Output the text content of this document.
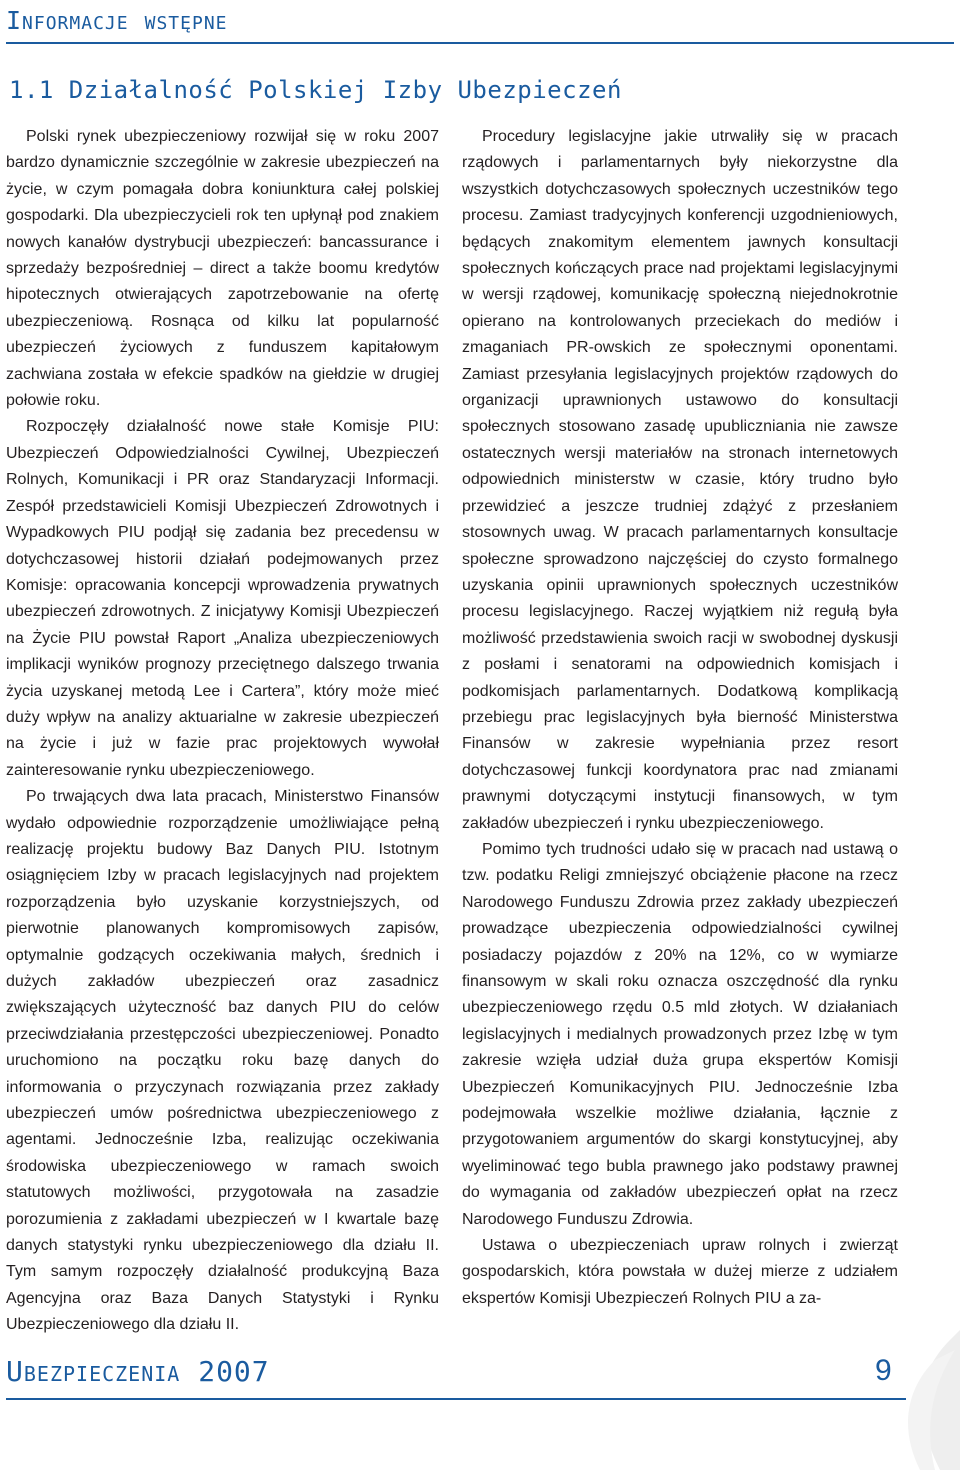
Informacje wstępne
1.1 Działalność Polskiej Izby Ubezpieczeń

Polski rynek ubezpieczeniowy rozwijał się w roku 2007 bardzo dynamicznie szczególnie w zakresie ubezpieczeń na życie, w czym pomagała dobra koniunktura całej polskiej gospodarki. Dla ubezpieczycieli rok ten upłynął pod znakiem nowych kanałów dystrybucji ubezpieczeń: bancassurance i sprzedaży bezpośredniej – direct a także boomu kredytów hipotecznych otwierających zapotrzebowanie na ofertę ubezpieczeniową. Rosnąca od kilku lat popularność ubezpieczeń życiowych z funduszem kapitałowym zachwiana została w efekcie spadków na giełdzie w drugiej połowie roku.

Rozpoczęły działalność nowe stałe Komisje PIU: Ubezpieczeń Odpowiedzialności Cywilnej, Ubezpieczeń Rolnych, Komunikacji i PR oraz Standaryzacji Informacji. Zespół przedstawicieli Komisji Ubezpieczeń Zdrowotnych i Wypadkowych PIU podjął się zadania bez precedensu w dotychczasowej historii działań podejmowanych przez Komisje: opracowania koncepcji wprowadzenia prywatnych ubezpieczeń zdrowotnych. Z inicjatywy Komisji Ubezpieczeń na Życie PIU powstał Raport „Analiza ubezpieczeniowych implikacji wyników prognozy przeciętnego dalszego trwania życia uzyskanej metodą Lee i Cartera”, który może mieć duży wpływ na analizy aktuarialne w zakresie ubezpieczeń na życie i już w fazie prac projektowych wywołał zainteresowanie rynku ubezpieczeniowego.

Po trwających dwa lata pracach, Ministerstwo Finansów wydało odpowiednie rozporządzenie umożliwiające pełną realizację projektu budowy Baz Danych PIU. Istotnym osiągnięciem Izby w pracach legislacyjnych nad projektem rozporządzenia było uzyskanie korzystniejszych, od pierwotnie planowanych kompromisowych zapisów, optymalnie godzących oczekiwania małych, średnich i dużych zakładów ubezpieczeń oraz zasadnicz zwiększających użyteczność baz danych PIU do celów przeciwdziałania przestępczości ubezpieczeniowej. Ponadto uruchomiono na początku roku bazę danych do informowania o przyczynach rozwiązania przez zakłady ubezpieczeń umów pośrednictwa ubezpieczeniowego z agentami. Jednocześnie Izba, realizując oczekiwania środowiska ubezpieczeniowego w ramach swoich statutowych możliwości, przygotowała na zasadzie porozumienia z zakładami ubezpieczeń w I kwartale bazę danych statystyki rynku ubezpieczeniowego dla działu II. Tym samym rozpoczęły działalność produkcyjną Baza Agencyjna oraz Baza Danych Statystyki i Rynku Ubezpieczeniowego dla działu II.

Procedury legislacyjne jakie utrwaliły się w pracach rządowych i parlamentarnych były niekorzystne dla wszystkich dotychczasowych społecznych uczestników tego procesu. Zamiast tradycyjnych konferencji uzgodnieniowych, będących znakomitym elementem jawnych konsultacji społecznych kończących prace nad projektami legislacyjnymi w wersji rządowej, komunikację społeczną niejednokrotnie opierano na kontrolowanych przeciekach do mediów i zmaganiach PR-owskich ze społecznymi oponentami. Zamiast przesyłania legislacyjnych projektów rządowych do organizacji uprawnionych ustawowo do konsultacji społecznych stosowano zasadę upubliczniania nie zawsze ostatecznych wersji materiałów na stronach internetowych odpowiednich ministerstw w czasie, który trudno było przewidzieć a jeszcze trudniej zdążyć z przesłaniem stosownych uwag. W pracach parlamentarnych konsultacje społeczne sprowadzono najczęściej do czysto formalnego uzyskania opinii uprawnionych społecznych uczestników procesu legislacyjnego. Raczej wyjątkiem niż regułą była możliwość przedstawienia swoich racji w swobodnej dyskusji z posłami i senatorami na odpowiednich komisjach i podkomisjach parlamentarnych. Dodatkową komplikacją przebiegu prac legislacyjnych była bierność Ministerstwa Finansów w zakresie wypełniania przez resort dotychczasowej funkcji koordynatora prac nad zmianami prawnymi dotyczącymi instytucji finansowych, w tym zakładów ubezpieczeń i rynku ubezpieczeniowego.

Pomimo tych trudności udało się w pracach nad ustawą o tzw. podatku Religi zmniejszyć obciążenie płacone na rzecz Narodowego Funduszu Zdrowia przez zakłady ubezpieczeń prowadzące ubezpieczenia odpowiedzialności cywilnej posiadaczy pojazdów z 20% na 12%, co w wymiarze finansowym w skali roku oznacza oszczędność dla rynku ubezpieczeniowego rzędu 0.5 mld złotych. W działaniach legislacyjnych i medialnych prowadzonych przez Izbę w tym zakresie wzięła udział duża grupa ekspertów Komisji Ubezpieczeń Komunikacyjnych PIU. Jednocześnie Izba podejmowała wszelkie możliwe działania, łącznie z przygotowaniem argumentów do skargi konstytucyjnej, aby wyeliminować tego bubla prawnego jako podstawy prawnej do wymagania od zakładów ubezpieczeń opłat na rzecz Narodowego Funduszu Zdrowia.

Ustawa o ubezpieczeniach upraw rolnych i zwierząt gospodarskich, która powstała w dużej mierze z udziałem ekspertów Komisji Ubezpieczeń Rolnych PIU a za-

Ubezpieczenia 2007	9
